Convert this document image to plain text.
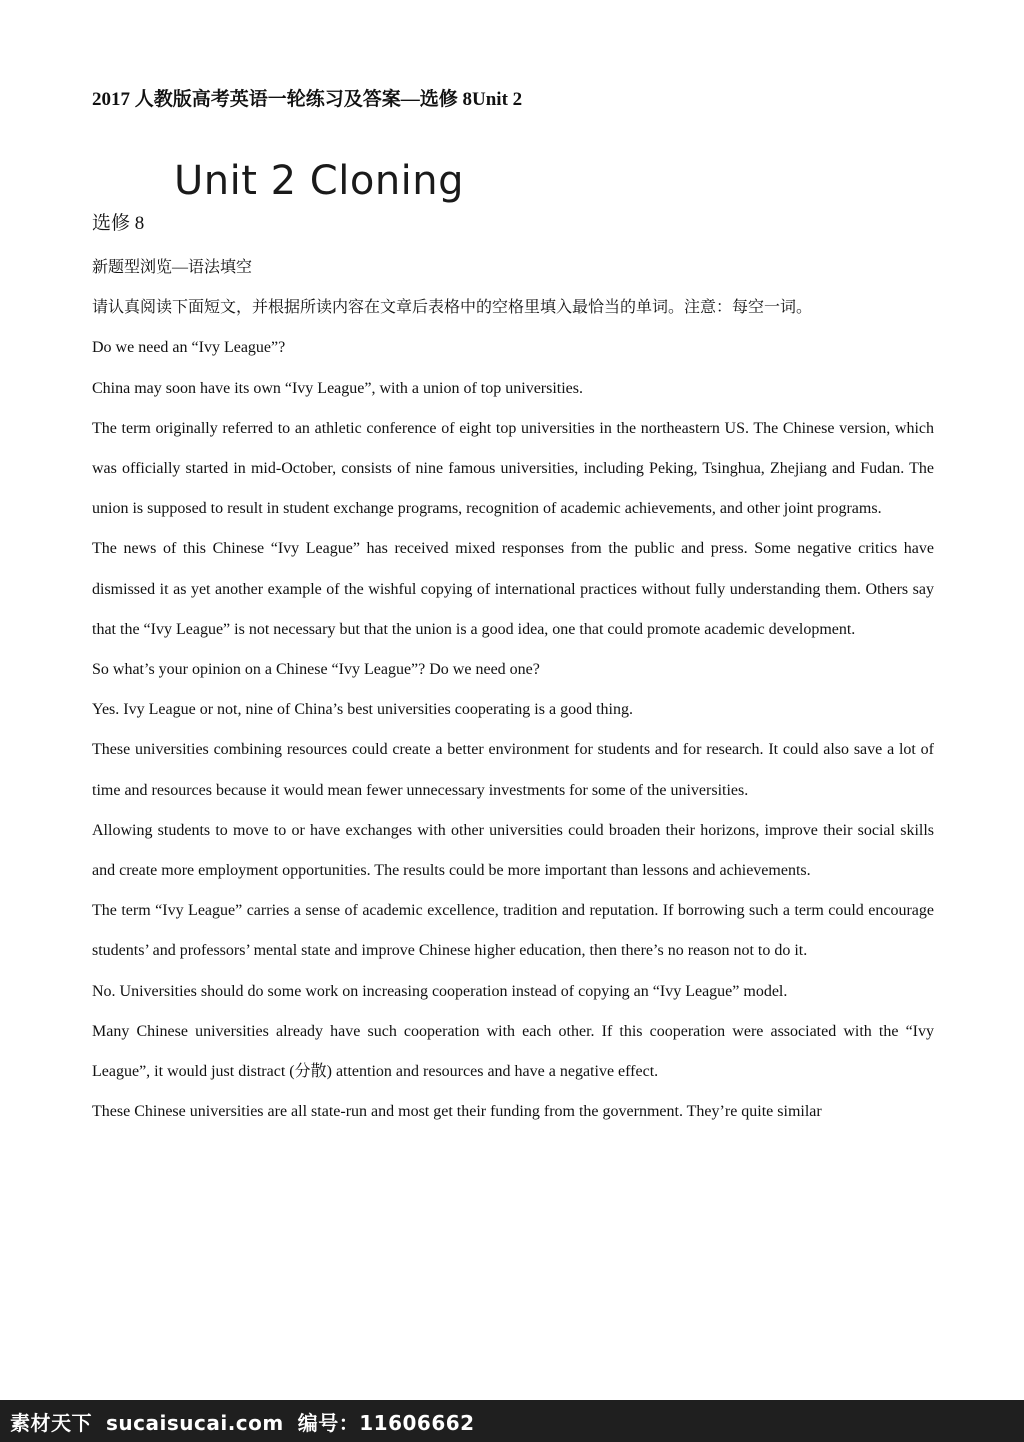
2017 人教版高考英语一轮练习及答案—选修 8Unit 2
Unit 2 Cloning
选修 8

新题型浏览—语法填空

请认真阅读下面短文，并根据所读内容在文章后表格中的空格里填入最恰当的单词。注意：每空一词。

Do we need an “Ivy League”?

China may soon have its own “Ivy League”, with a union of top universities.

The term originally referred to an athletic conference of eight top universities in the northeastern US. The Chinese version, which was officially started in mid-October, consists of nine famous universities, including Peking, Tsinghua, Zhejiang and Fudan. The union is supposed to result in student exchange programs, recognition of academic achievements, and other joint programs.

The news of this Chinese “Ivy League” has received mixed responses from the public and press. Some negative critics have dismissed it as yet another example of the wishful copying of international practices without fully understanding them. Others say that the “Ivy League” is not necessary but that the union is a good idea, one that could promote academic development.

So what’s your opinion on a Chinese “Ivy League”? Do we need one?

Yes. Ivy League or not, nine of China’s best universities cooperating is a good thing.

These universities combining resources could create a better environment for students and for research. It could also save a lot of time and resources because it would mean fewer unnecessary investments for some of the universities.

Allowing students to move to or have exchanges with other universities could broaden their horizons, improve their social skills and create more employment opportunities. The results could be more important than lessons and achievements.

The term “Ivy League” carries a sense of academic excellence, tradition and reputation. If borrowing such a term could encourage students’ and professors’ mental state and improve Chinese higher education, then there’s no reason not to do it.

No. Universities should do some work on increasing cooperation instead of copying an “Ivy League” model.

Many Chinese universities already have such cooperation with each other. If this cooperation were associated with the “Ivy League”, it would just distract (分散) attention and resources and have a negative effect.

These Chinese universities are all state-run and most get their funding from the government. They’re quite similar

素材天下 sucaisucai.com 编号：11606662
